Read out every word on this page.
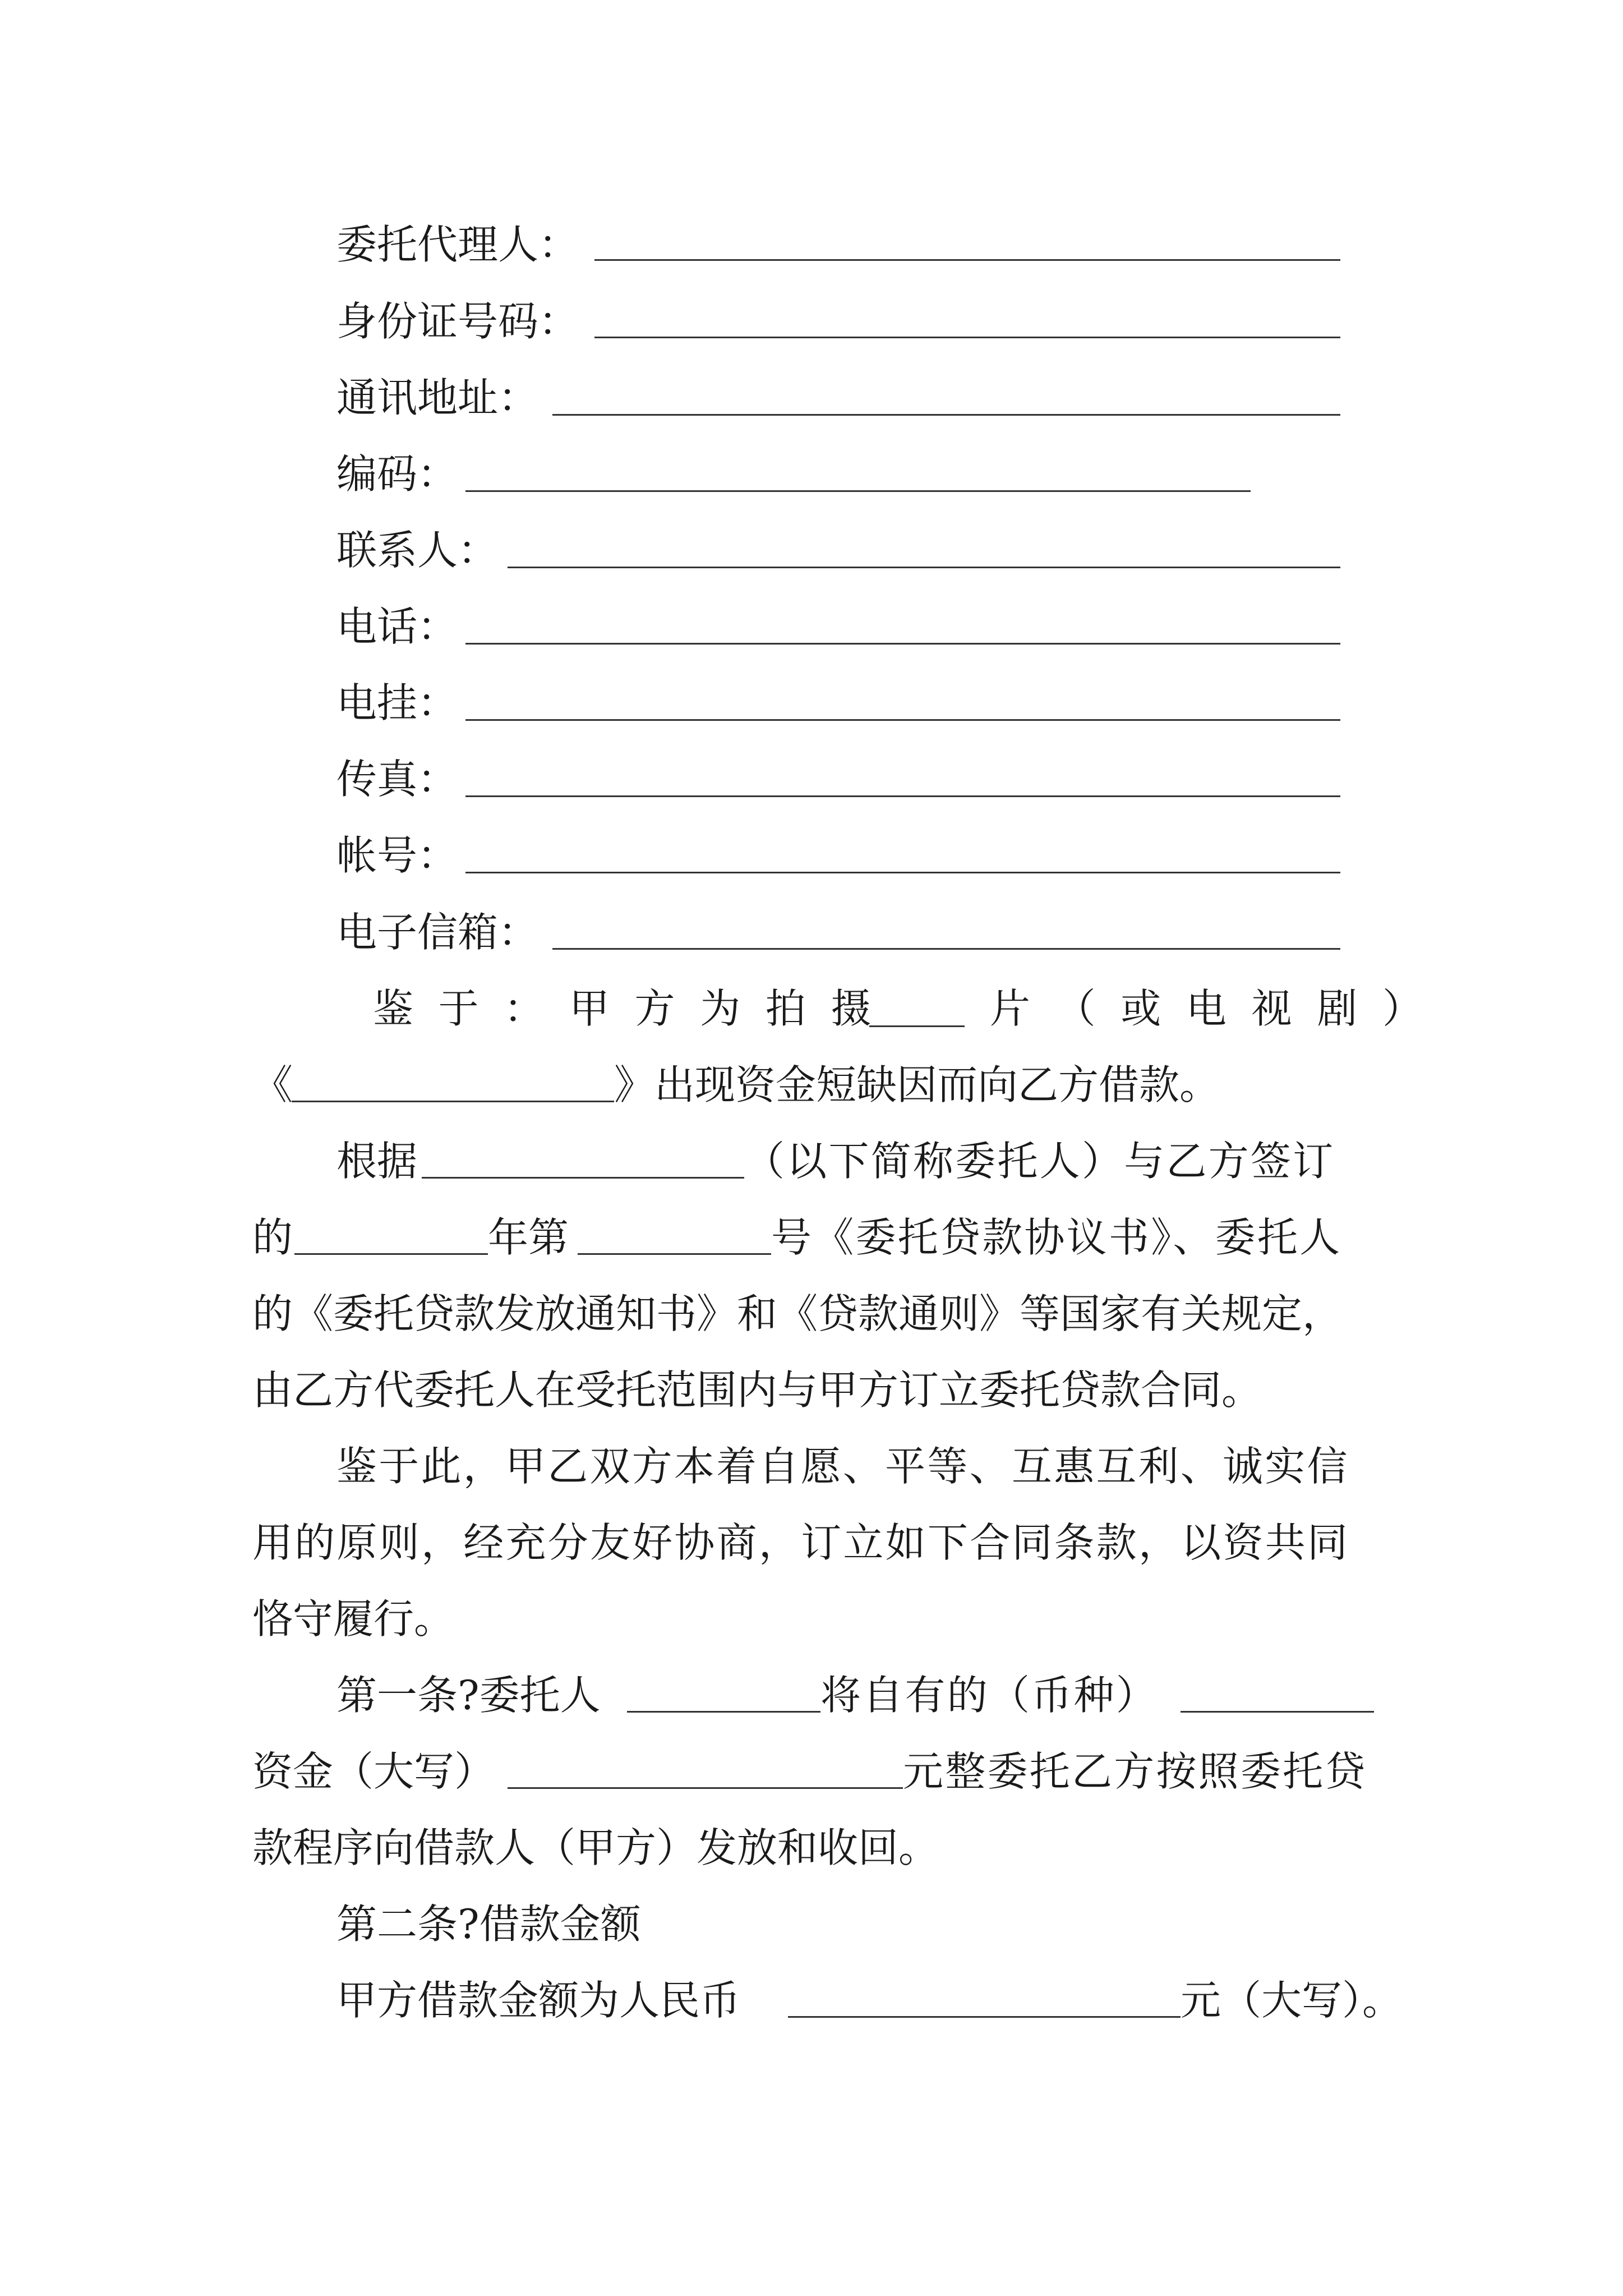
委托代理人：
身份证号码：
通讯地址：
编码：
联系人：
电话：
电挂：
传真：
帐号：
电子信箱：
鉴于：甲方为拍摄 片（或电视剧）
《	》出现资金短缺因而向乙方借款。
根据	（以下简称委托人）与乙方签订
的	年第	号《委托贷款协议书》、委托人
的《委托贷款发放通知书》和《贷款通则》等国家有关规定，
由乙方代委托人在受托范围内与甲方订立委托贷款合同。
鉴于此，甲乙双方本着自愿、平等、互惠互利、诚实信
用的原则，经充分友好协商，订立如下合同条款，以资共同
恪守履行。
第一条?委托人	将自有的（币种）
资金（大写）	元整委托乙方按照委托贷
款程序向借款人（甲方）发放和收回。
第二条?借款金额
甲方借款金额为人民币	元（大写）。
